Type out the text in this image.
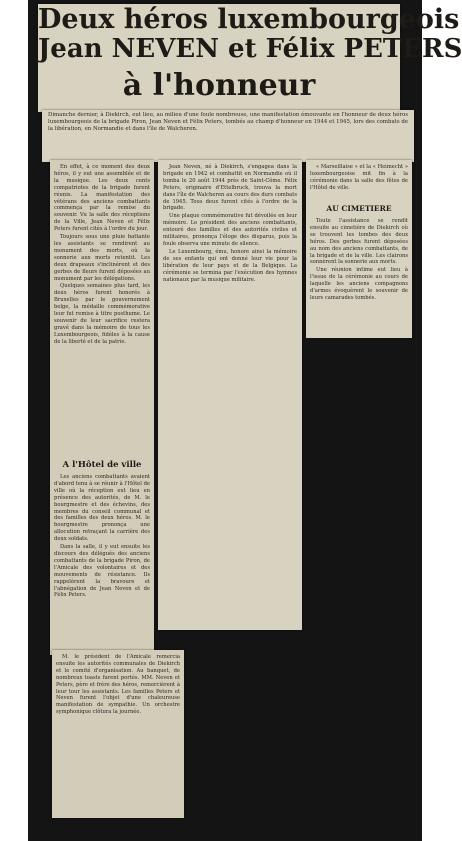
Deux héros luxembourgeois
Jean NEVEN et Félix PETERS
à l'honneur
Dimanche dernier, à Diekirch, eut lieu, au milieu d'une foule nombreuse, une manifestation émouvante en l'honneur de deux héros luxembourgeois de la brigade Piron, Jean Neven et Félix Peters, tombés au champ d'honneur en 1944 et 1945, lors des combats de la libération, en Normandie et dans l'île de Walcheren.

En effet, à ce moment des deux héros, il y eut une assemblée et de la musique. Les deux cents compatriotes de la brigade furent réunis. La manifestation des vétérans des anciens combattants commença par la remise du souvenir. Vu la salle des réceptions de la Ville, Jean Neven et Félix Peters furent cités à l'ordre du jour.

Toujours sous une pluie battante les assistants se rendirent au monument des morts, où la sonnerie aux morts retentit. Les deux drapeaux s'inclinèrent et des gerbes de fleurs furent déposées au monument par les délégations.

Quelques semaines plus tard, les deux héros furent honorés à Bruxelles par le gouvernement belge, la médaille commémorative leur fut remise à titre posthume. Le souvenir de leur sacrifice restera gravé dans la mémoire de tous les Luxembourgeois, fidèles à la cause de la liberté et de la patrie.

A l'Hôtel de ville

Les anciens combattants avaient d'abord tenu à se réunir à l'Hôtel de ville où la réception eut lieu en présence des autorités, de M. le bourgmestre et des échevins, des membres du conseil communal et des familles des deux héros. M. le bourgmestre prononça une allocution retraçant la carrière des deux soldats.

Dans la salle, il y eut ensuite les discours des délégués des anciens combattants de la brigade Piron, de l'Amicale des volontaires et des mouvements de résistance. Ils rappelèrent la bravoure et l'abnégation de Jean Neven et de Félix Peters.

Jean Neven, né à Diekirch, s'engagea dans la brigade en 1942 et combattit en Normandie où il tomba le 20 août 1944 près de Saint-Côme. Félix Peters, originaire d'Ettelbruck, trouva la mort dans l'île de Walcheren au cours des durs combats de 1945. Tous deux furent cités à l'ordre de la brigade.

Une plaque commémorative fut dévoilée en leur mémoire. Le président des anciens combattants, entouré des familles et des autorités civiles et militaires, prononça l'éloge des disparus, puis la foule observa une minute de silence.

Le Luxembourg, ému, honore ainsi la mémoire de ses enfants qui ont donné leur vie pour la libération de leur pays et de la Belgique. La cérémonie se termina par l'exécution des hymnes nationaux par la musique militaire.

« Marseillaise » et la « Heimecht » luxembourgeoise mit fin à la cérémonie dans la salle des fêtes de l'Hôtel de ville.

AU CIMETIERE

Toute l'assistance se rendit ensuite au cimetière de Diekirch où se trouvent les tombes des deux héros. Des gerbes furent déposées au nom des anciens combattants, de la brigade et de la ville. Les clairons sonnèrent la sonnerie aux morts.

Une réunion intime eut lieu à l'issue de la cérémonie au cours de laquelle les anciens compagnons d'armes évoquèrent le souvenir de leurs camarades tombés.

M. le président de l'Amicale remercia ensuite les autorités communales de Diekirch et le comité d'organisation. Au banquet, de nombreux toasts furent portés. MM. Neven et Peters, père et frère des héros, remercièrent à leur tour les assistants. Les familles Peters et Neven furent l'objet d'une chaleureuse manifestation de sympathie. Un orchestre symphonique clôtura la journée.
